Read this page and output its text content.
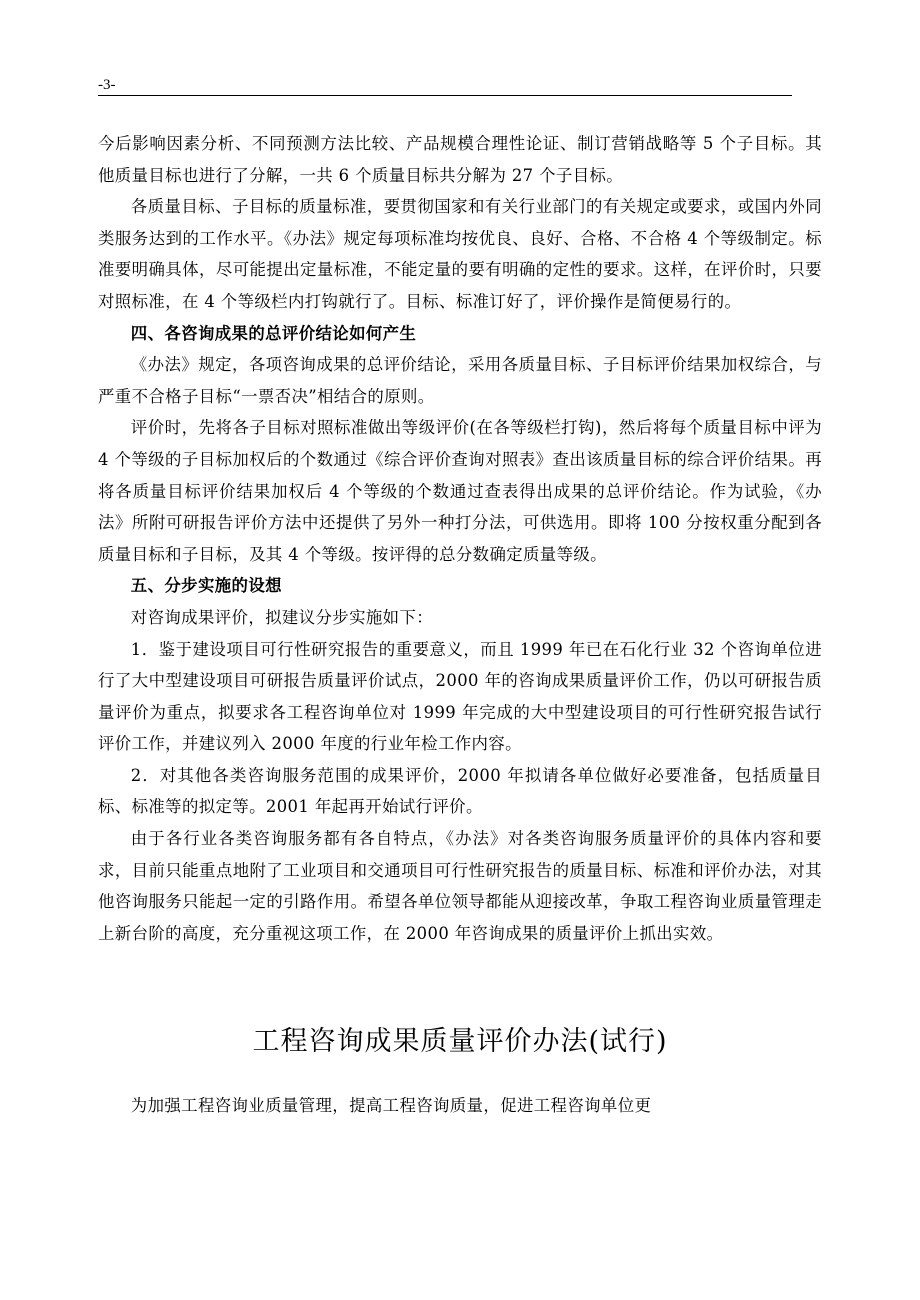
-3-

今后影响因素分析、不同预测方法比较、产品规模合理性论证、制订营销战略等 5 个子目标。其他质量目标也进行了分解，一共 6 个质量目标共分解为 27 个子目标。

各质量目标、子目标的质量标准，要贯彻国家和有关行业部门的有关规定或要求，或国内外同类服务达到的工作水平。《办法》规定每项标准均按优良、良好、合格、不合格 4 个等级制定。标准要明确具体，尽可能提出定量标准，不能定量的要有明确的定性的要求。这样，在评价时，只要对照标准，在 4 个等级栏内打钩就行了。目标、标准订好了，评价操作是简便易行的。

四、各咨询成果的总评价结论如何产生

《办法》规定，各项咨询成果的总评价结论，采用各质量目标、子目标评价结果加权综合，与严重不合格子目标“一票否决”相结合的原则。

评价时，先将各子目标对照标准做出等级评价(在各等级栏打钩)，然后将每个质量目标中评为 4 个等级的子目标加权后的个数通过《综合评价查询对照表》查出该质量目标的综合评价结果。再将各质量目标评价结果加权后 4 个等级的个数通过查表得出成果的总评价结论。作为试验，《办法》所附可研报告评价方法中还提供了另外一种打分法，可供选用。即将 100 分按权重分配到各质量目标和子目标，及其 4 个等级。按评得的总分数确定质量等级。

五、分步实施的设想

对咨询成果评价，拟建议分步实施如下：

1．鉴于建设项目可行性研究报告的重要意义，而且 1999 年已在石化行业 32 个咨询单位进行了大中型建设项目可研报告质量评价试点，2000 年的咨询成果质量评价工作，仍以可研报告质量评价为重点，拟要求各工程咨询单位对 1999 年完成的大中型建设项目的可行性研究报告试行评价工作，并建议列入 2000 年度的行业年检工作内容。

2．对其他各类咨询服务范围的成果评价，2000 年拟请各单位做好必要准备，包括质量目标、标准等的拟定等。2001 年起再开始试行评价。

由于各行业各类咨询服务都有各自特点，《办法》对各类咨询服务质量评价的具体内容和要求，目前只能重点地附了工业项目和交通项目可行性研究报告的质量目标、标准和评价办法，对其他咨询服务只能起一定的引路作用。希望各单位领导都能从迎接改革，争取工程咨询业质量管理走上新台阶的高度，充分重视这项工作，在 2000 年咨询成果的质量评价上抓出实效。

工程咨询成果质量评价办法(试行)

为加强工程咨询业质量管理，提高工程咨询质量，促进工程咨询单位更
